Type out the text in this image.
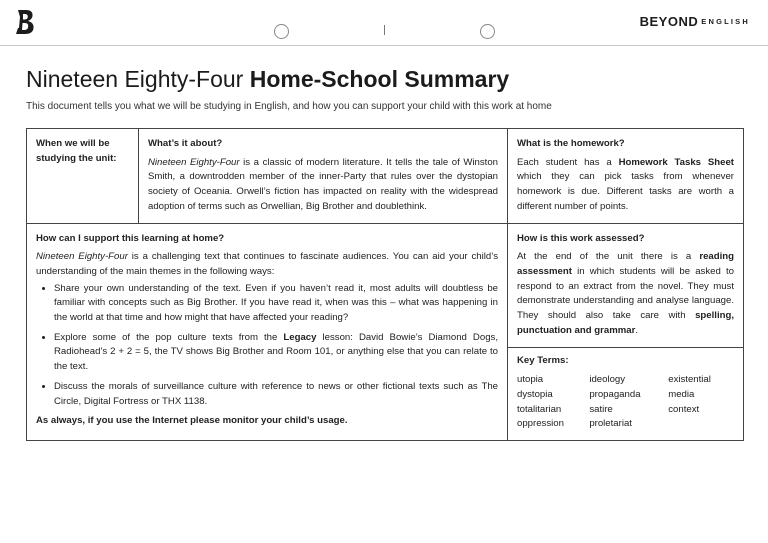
BEYOND $^{ENGLISH}$
Nineteen Eighty-Four Home-School Summary
This document tells you what we will be studying in English, and how you can support your child with this work at home
When we will be studying the unit:

What’s it about?

Nineteen Eighty-Four is a classic of modern literature. It tells the tale of Winston Smith, a downtrodden member of the inner-Party that rules over the dystopian society of Oceania. Orwell’s fiction has impacted on reality with the widespread adoption of terms such as Orwellian, Big Brother and doublethink.

What is the homework?

Each student has a Homework Tasks Sheet which they can pick tasks from whenever homework is due. Different tasks are worth a different number of points.

How can I support this learning at home?

Nineteen Eighty-Four is a challenging text that continues to fascinate audiences. You can aid your child’s understanding of the main themes in the following ways:

• Share your own understanding of the text. Even if you haven’t read it, most adults will doubtless be familiar with concepts such as Big Brother. If you have read it, when was this – what was happening in the world at that time and how might that have affected your reading?
• Explore some of the pop culture texts from the Legacy lesson: David Bowie’s Diamond Dogs, Radiohead’s 2 + 2 = 5, the TV shows Big Brother and Room 101, or anything else that you can relate to the text.
• Discuss the morals of surveillance culture with reference to news or other fictional texts such as The Circle, Digital Fortress or THX 1138.

As always, if you use the Internet please monitor your child’s usage.

How is this work assessed?

At the end of the unit there is a reading assessment in which students will be asked to respond to an extract from the novel. They must demonstrate understanding and analyse language. They should also take care with spelling, punctuation and grammar.

Key Terms:
utopia	ideology	existential
dystopia	propaganda	media
totalitarian	satire	context
oppression	proletariat	
